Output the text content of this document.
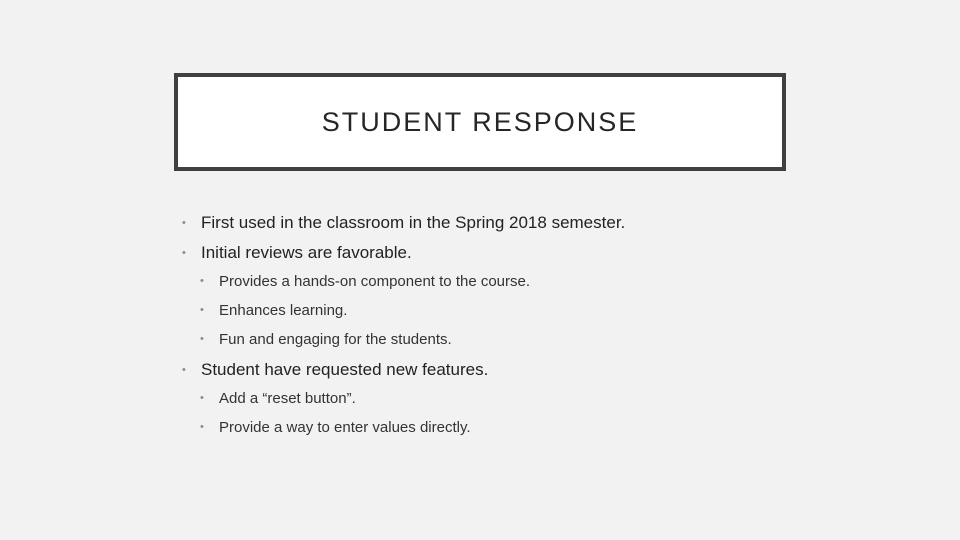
STUDENT RESPONSE
• First used in the classroom in the Spring 2018 semester.
• Initial reviews are favorable.
• Provides a hands-on component to the course.
• Enhances learning.
• Fun and engaging for the students.
• Student have requested new features.
• Add a “reset button”.
• Provide a way to enter values directly.
